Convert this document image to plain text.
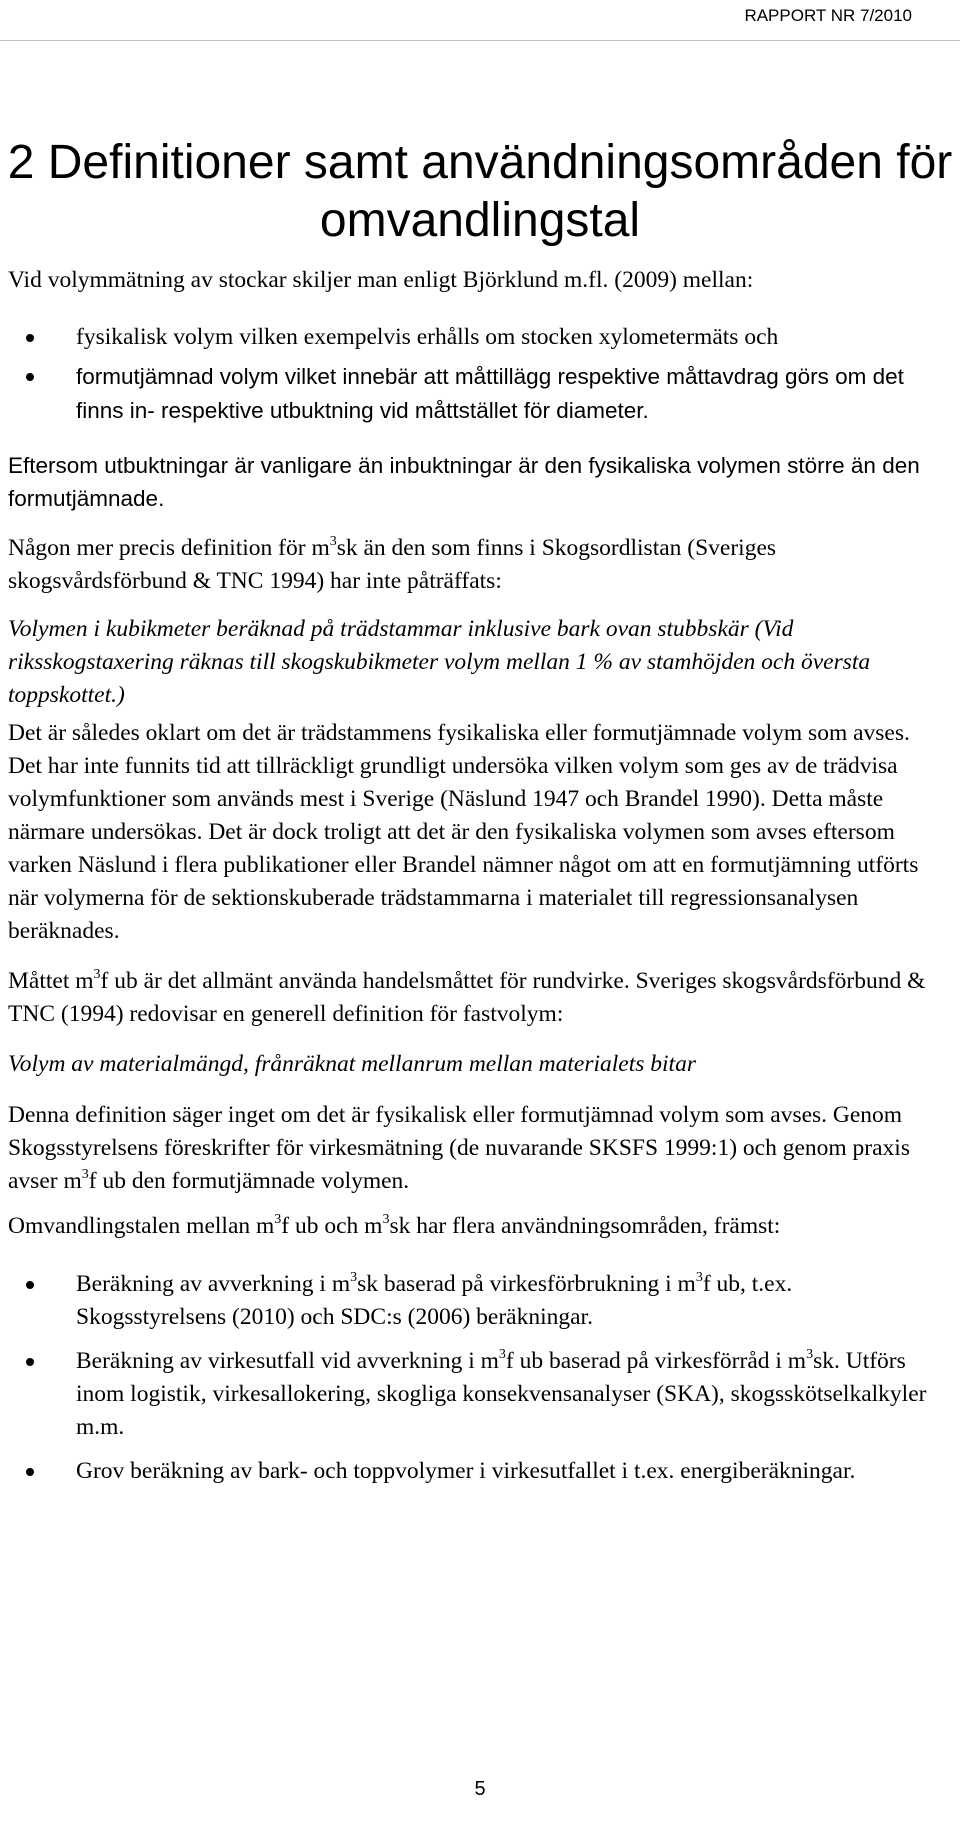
RAPPORT NR 7/2010
2 Definitioner samt användningsområden för omvandlingstal

Vid volymmätning av stockar skiljer man enligt Björklund m.fl. (2009) mellan:

fysikalisk volym vilken exempelvis erhålls om stocken xylometermäts och
formutjämnad volym vilket innebär att måttillägg respektive måttavdrag görs om det finns in- respektive utbuktning vid måttstället för diameter.

Eftersom utbuktningar är vanligare än inbuktningar är den fysikaliska volymen större än den formutjämnade.

Någon mer precis definition för $m^3sk$ än den som finns i Skogsordlistan (Sveriges skogsvårdsförbund & TNC 1994) har inte påträffats:

Volymen i kubikmeter beräknad på trädstammar inklusive bark ovan stubbskär (Vid riksskogstaxering räknas till skogskubikmeter volym mellan 1 % av stamhöjden och översta toppskottet.)

Det är således oklart om det är trädstammens fysikaliska eller formutjämnade volym som avses. Det har inte funnits tid att tillräckligt grundligt undersöka vilken volym som ges av de trädvisa volymfunktioner som används mest i Sverige (Näslund 1947 och Brandel 1990). Detta måste närmare undersökas. Det är dock troligt att det är den fysikaliska volymen som avses eftersom varken Näslund i flera publikationer eller Brandel nämner något om att en formutjämning utförts när volymerna för de sektionskuberade trädstammarna i materialet till regressionsanalysen beräknades.

Måttet $m^3f$ ub är det allmänt använda handelsmåttet för rundvirke. Sveriges skogsvårdsförbund & TNC (1994) redovisar en generell definition för fastvolym:

Volym av materialmängd, frånräknat mellanrum mellan materialets bitar

Denna definition säger inget om det är fysikalisk eller formutjämnad volym som avses. Genom Skogsstyrelsens föreskrifter för virkesmätning (de nuvarande SKSFS 1999:1) och genom praxis avser $m^3f$ ub den formutjämnade volymen.

Omvandlingstalen mellan $m^3f$ ub och $m^3sk$ har flera användningsområden, främst:

Beräkning av avverkning i $m^3sk$ baserad på virkesförbrukning i $m^3f$ ub, t.ex. Skogsstyrelsens (2010) och SDC:s (2006) beräkningar.
Beräkning av virkesutfall vid avverkning i $m^3f$ ub baserad på virkesförråd i $m^3sk$. Utförs inom logistik, virkesallokering, skogliga konsekvensanalyser (SKA), skogsskötselkalkyler m.m.
Grov beräkning av bark- och toppvolymer i virkesutfallet i t.ex. energiberäkningar.
5
